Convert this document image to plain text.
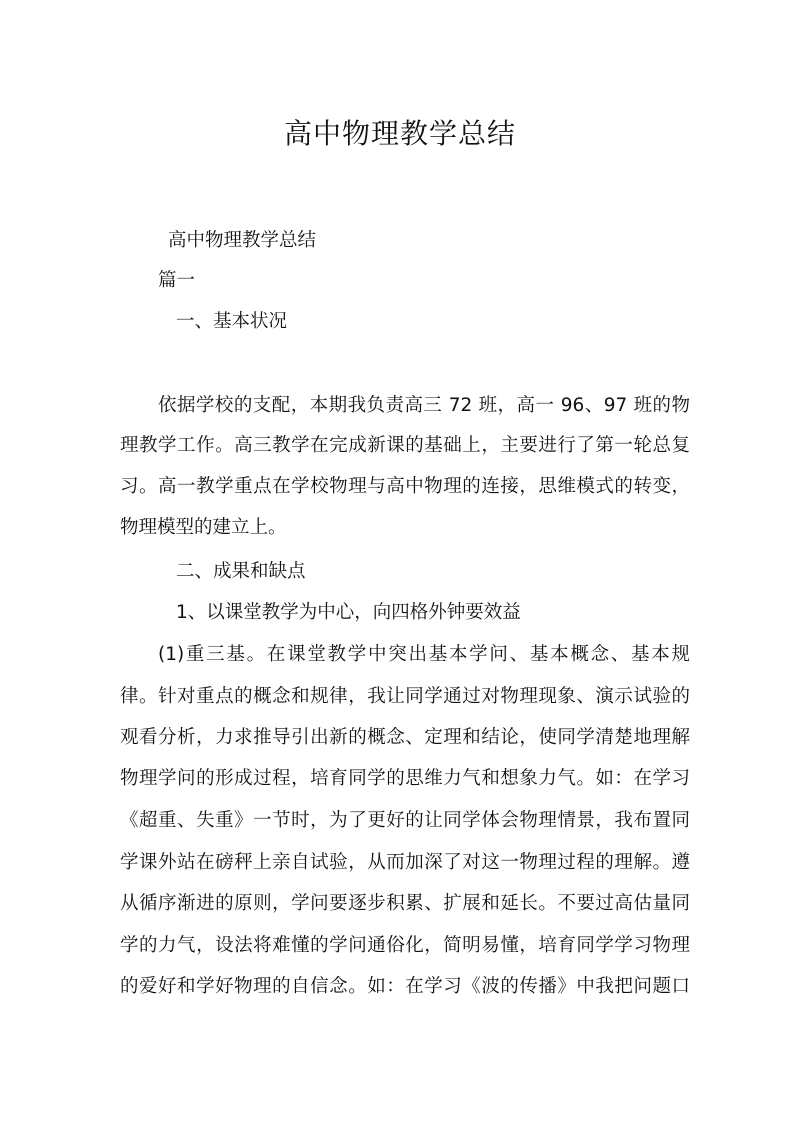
高中物理教学总结
高中物理教学总结
篇一
一、基本状况
依据学校的支配，本期我负责高三 72 班，高一 96、97 班的物
理教学工作。高三教学在完成新课的基础上，主要进行了第一轮总复
习。高一教学重点在学校物理与高中物理的连接，思维模式的转变，
物理模型的建立上。
二、成果和缺点
1、以课堂教学为中心，向四格外钟要效益
(1)重三基。在课堂教学中突出基本学问、基本概念、基本规
律。针对重点的概念和规律，我让同学通过对物理现象、演示试验的
观看分析，力求推导引出新的概念、定理和结论，使同学清楚地理解
物理学问的形成过程，培育同学的思维力气和想象力气。如：在学习
《超重、失重》一节时，为了更好的让同学体会物理情景，我布置同
学课外站在磅秤上亲自试验，从而加深了对这一物理过程的理解。遵
从循序渐进的原则，学问要逐步积累、扩展和延长。不要过高估量同
学的力气，设法将难懂的学问通俗化，简明易懂，培育同学学习物理
的爱好和学好物理的自信念。如：在学习《波的传播》中我把问题口
